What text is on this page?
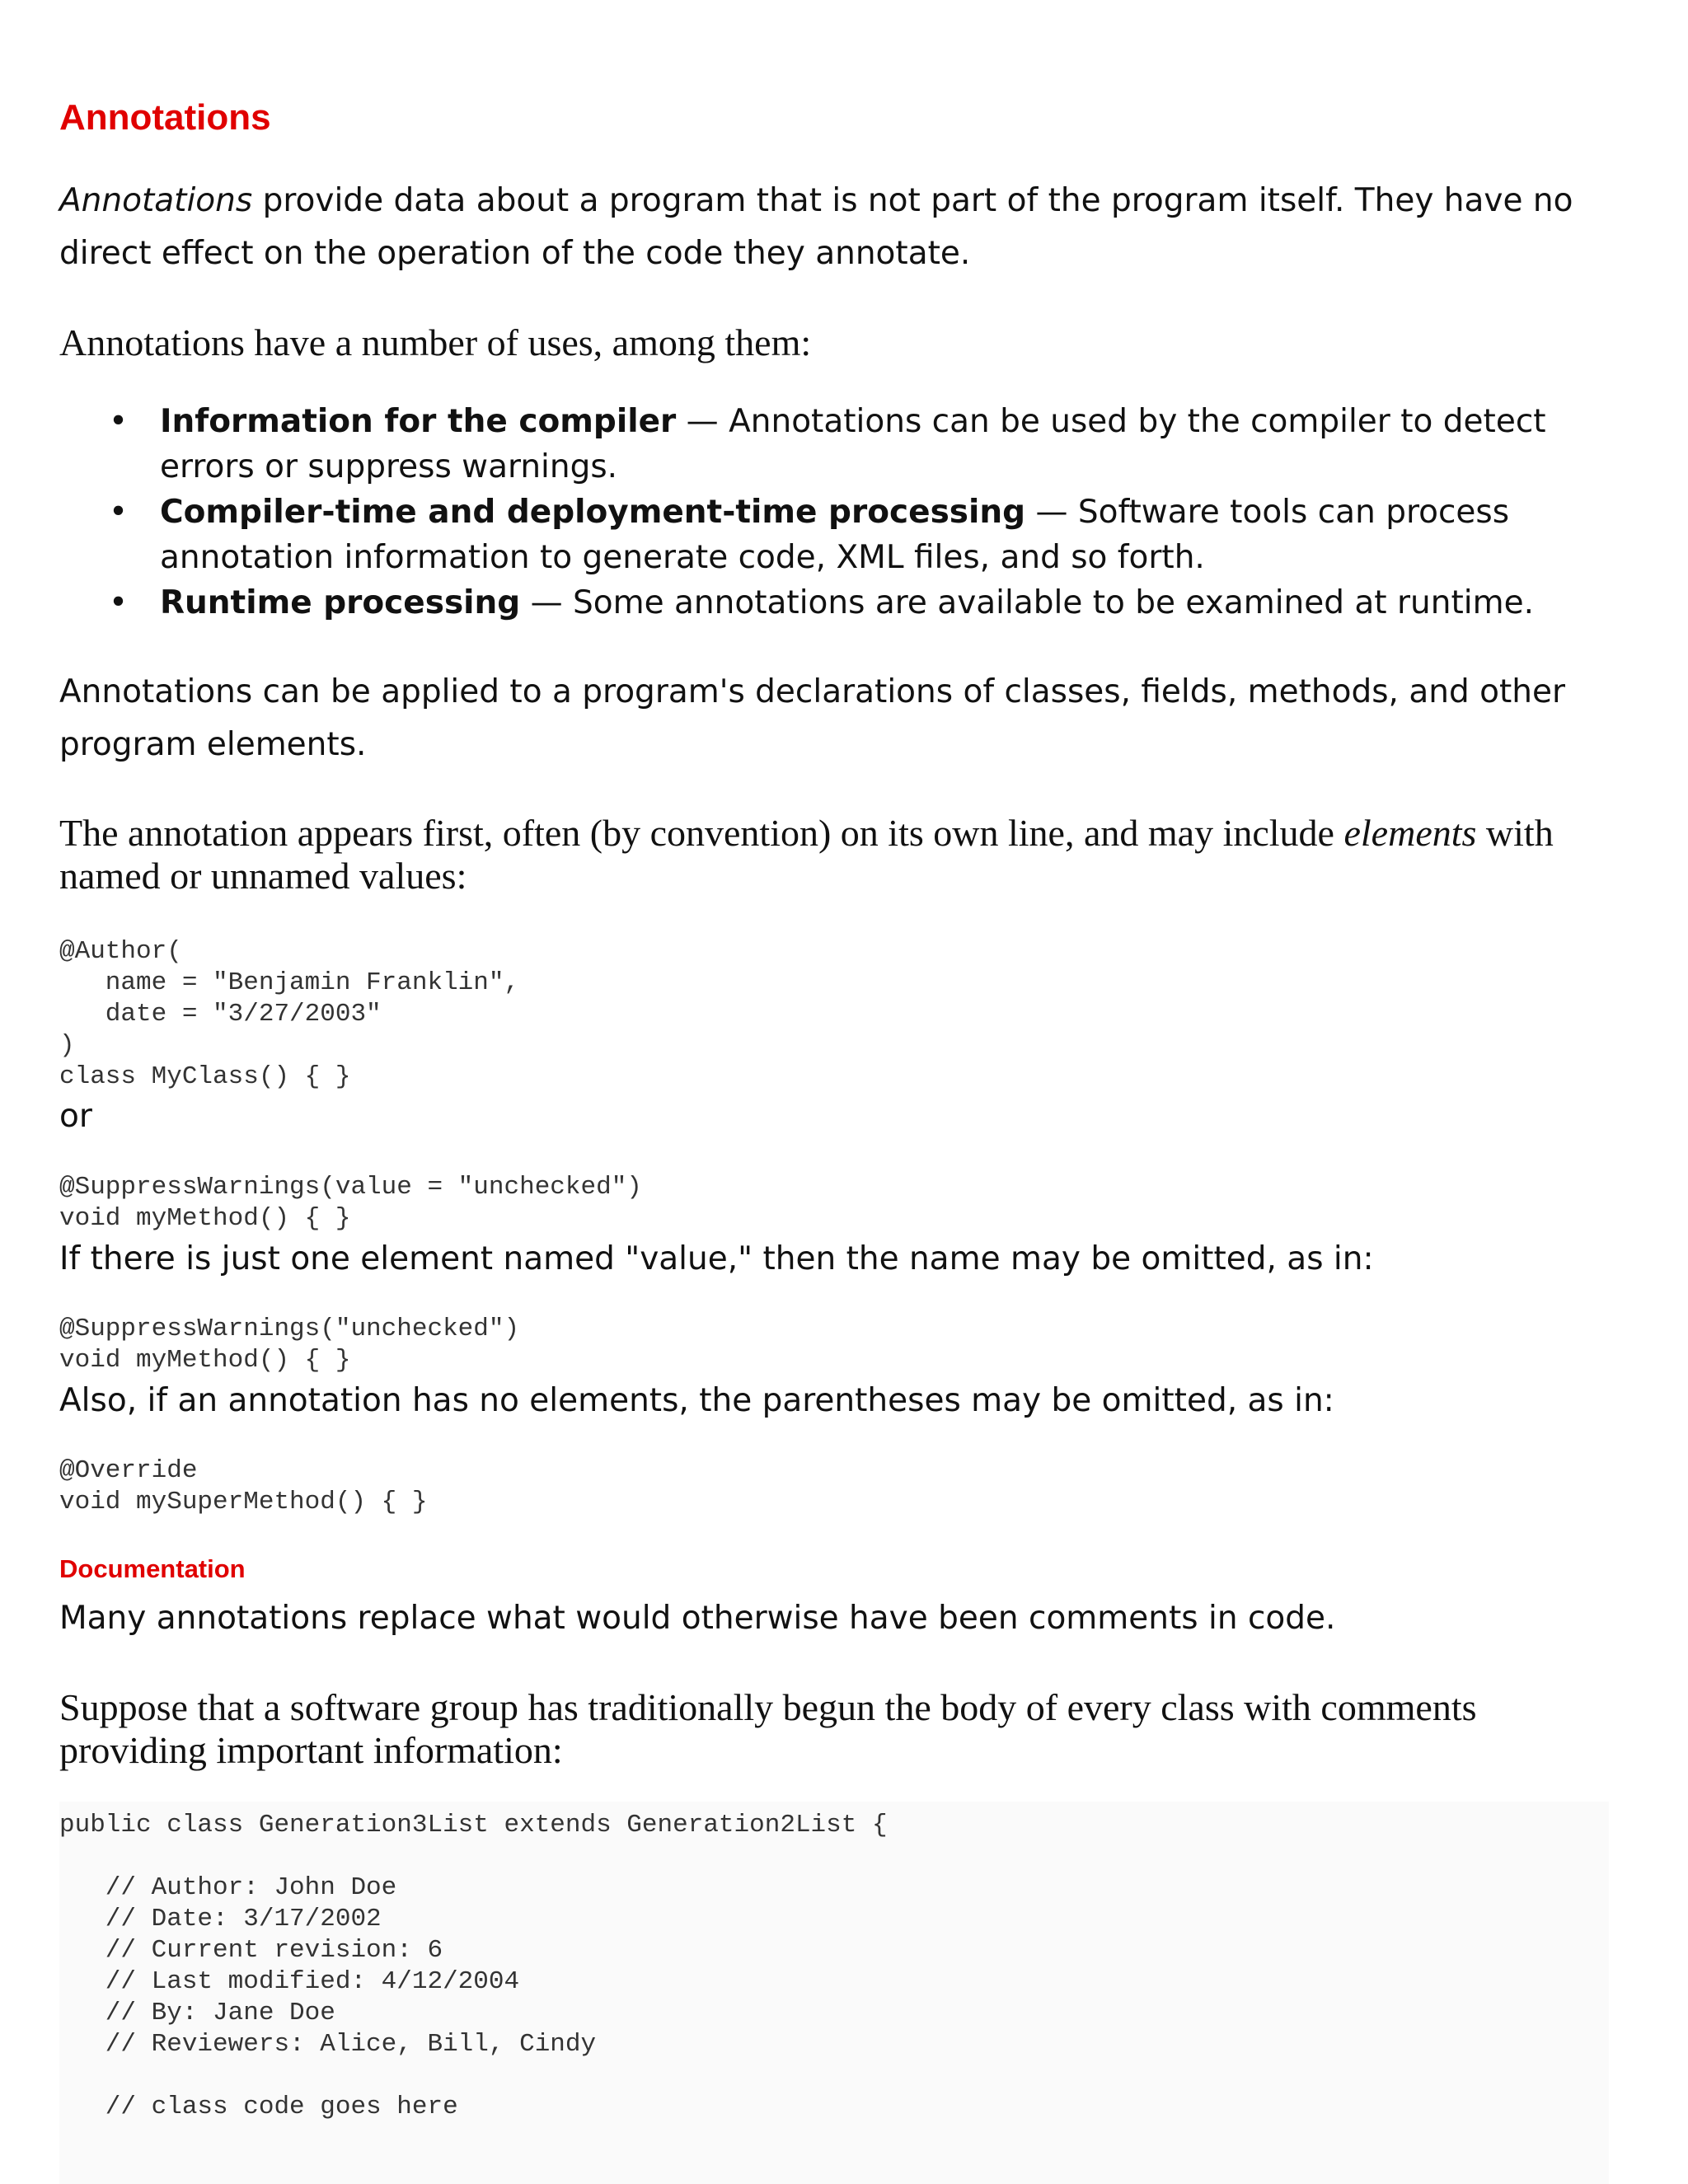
Annotations

Annotations provide data about a program that is not part of the program itself. They have no direct effect on the operation of the code they annotate.

Annotations have a number of uses, among them:

• Information for the compiler — Annotations can be used by the compiler to detect errors or suppress warnings.
• Compiler-time and deployment-time processing — Software tools can process annotation information to generate code, XML files, and so forth.
• Runtime processing — Some annotations are available to be examined at runtime.

Annotations can be applied to a program's declarations of classes, fields, methods, and other program elements.

The annotation appears first, often (by convention) on its own line, and may include elements with named or unnamed values:

@Author(
name = "Benjamin Franklin",
date = "3/27/2003"
)
class MyClass() { }

or

@SuppressWarnings(value = "unchecked")
void myMethod() { }

If there is just one element named "value," then the name may be omitted, as in:

@SuppressWarnings("unchecked")
void myMethod() { }

Also, if an annotation has no elements, the parentheses may be omitted, as in:

@Override
void mySuperMethod() { }
Documentation

Many annotations replace what would otherwise have been comments in code.

Suppose that a software group has traditionally begun the body of every class with comments providing important information:

public class Generation3List extends Generation2List {

// Author: John Doe
// Date: 3/17/2002
// Current revision: 6
// Last modified: 4/12/2004
// By: Jane Doe
// Reviewers: Alice, Bill, Cindy

// class code goes here
